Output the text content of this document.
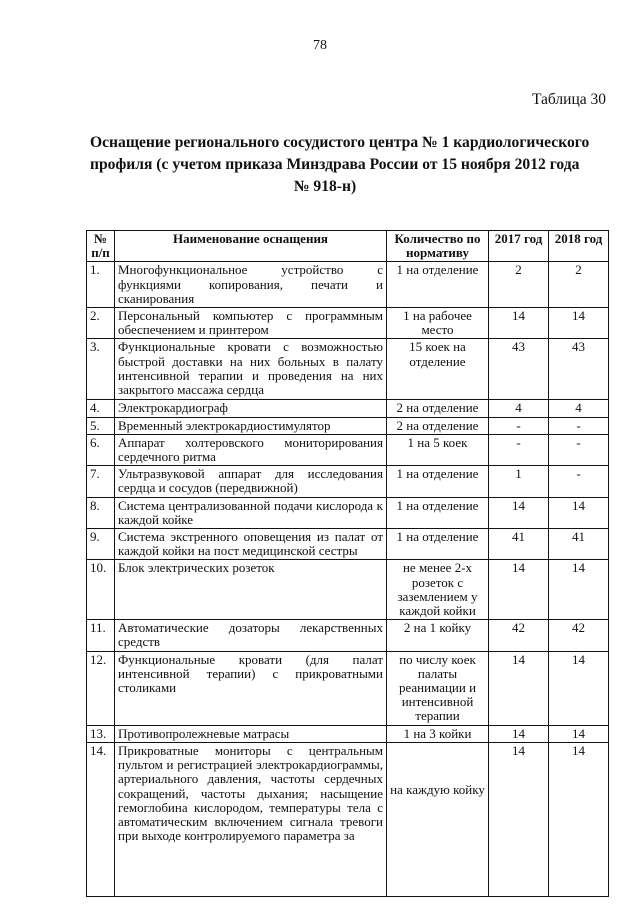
78
Таблица 30
Оснащение регионального сосудистого центра № 1 кардиологического
профиля (с учетом приказа Минздрава России от 15 ноября 2012 года
№ 918-н)
№ п/п	Наименование оснащения	Количество по нормативу	2017 год	2018 год
1.	Многофункциональное устройство с функциями копирования, печати и сканирования	1 на отделение	2	2
2.	Персональный компьютер с программным обеспечением и принтером	1 на рабочее место	14	14
3.	Функциональные кровати с возможностью быстрой доставки на них больных в палату интенсивной терапии и проведения на них закрытого массажа сердца	15 коек на отделение	43	43
4.	Электрокардиограф	2 на отделение	4	4
5.	Временный электрокардиостимулятор	2 на отделение	-	-
6.	Аппарат холтеровского мониторирования сердечного ритма	1 на 5 коек	-	-
7.	Ультразвуковой аппарат для исследования сердца и сосудов (передвижной)	1 на отделение	1	-
8.	Система централизованной подачи кислорода к каждой койке	1 на отделение	14	14
9.	Система экстренного оповещения из палат от каждой койки на пост медицинской сестры	1 на отделение	41	41
10.	Блок электрических розеток	не менее 2-х розеток с заземлением у каждой койки	14	14
11.	Автоматические дозаторы лекарственных средств	2 на 1 койку	42	42
12.	Функциональные кровати (для палат интенсивной терапии) с прикроватными столиками	по числу коек палаты реанимации и интенсивной терапии	14	14
13.	Противопролежневые матрасы	1 на 3 койки	14	14
14.	Прикроватные мониторы с центральным пультом и регистрацией электрокардиограммы, артериального давления, частоты сердечных сокращений, частоты дыхания; насыщение гемоглобина кислородом, температуры тела с автоматическим включением сигнала тревоги при выходе контролируемого параметра за	на каждую койку	14	14
